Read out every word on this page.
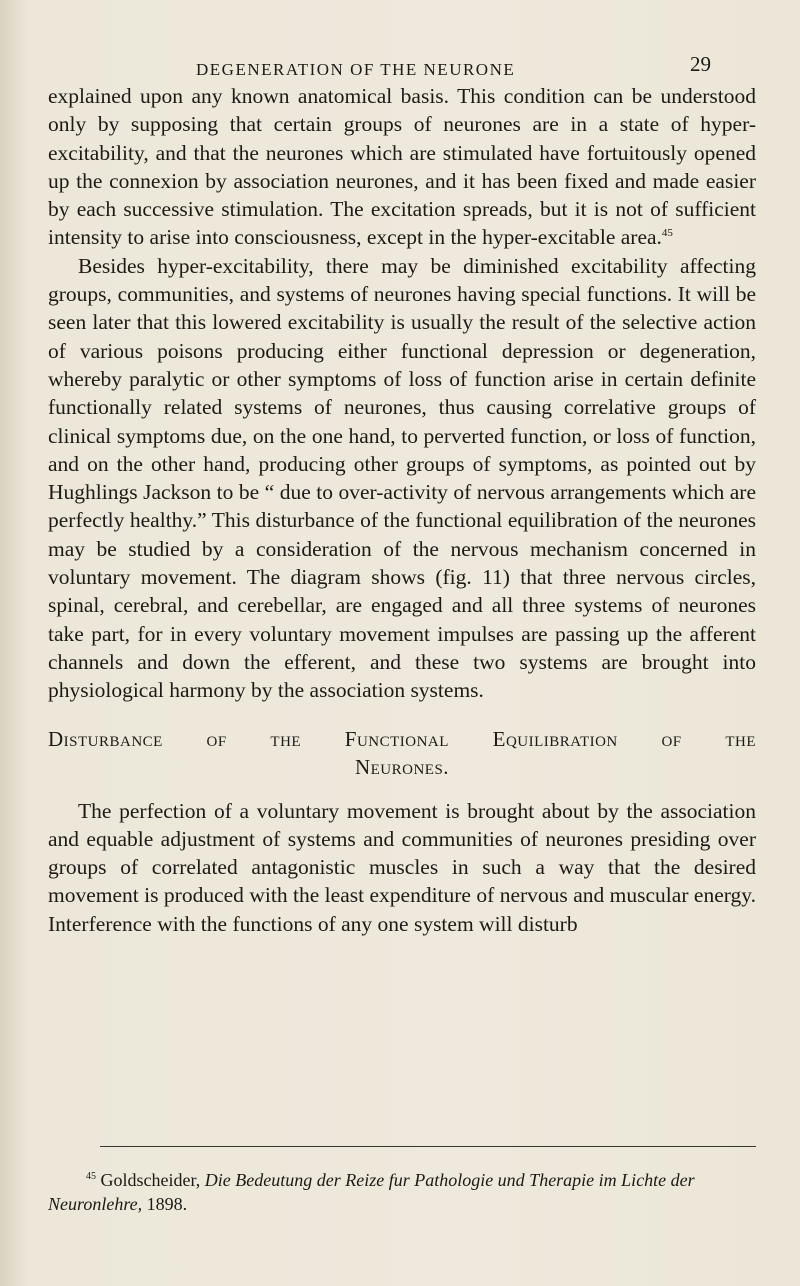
DEGENERATION OF THE NEURONE	29

explained upon any known anatomical basis. This condition can be understood only by supposing that certain groups of neurones are in a state of hyper-excitability, and that the neurones which are stimulated have fortuitously opened up the connexion by association neurones, and it has been fixed and made easier by each successive stimulation. The excitation spreads, but it is not of sufficient intensity to arise into consciousness, except in the hyper-excitable area.$^{45}$

Besides hyper-excitability, there may be diminished excitability affecting groups, communities, and systems of neurones having special functions. It will be seen later that this lowered excitability is usually the result of the selective action of various poisons producing either functional depression or degeneration, whereby paralytic or other symptoms of loss of function arise in certain definite functionally related systems of neurones, thus causing correlative groups of clinical symptoms due, on the one hand, to perverted function, or loss of function, and on the other hand, producing other groups of symptoms, as pointed out by Hughlings Jackson to be “ due to over-activity of nervous arrangements which are perfectly healthy.” This disturbance of the functional equilibration of the neurones may be studied by a consideration of the nervous mechanism concerned in voluntary movement. The diagram shows (fig. 11) that three nervous circles, spinal, cerebral, and cerebellar, are engaged and all three systems of neurones take part, for in every voluntary movement impulses are passing up the afferent channels and down the efferent, and these two systems are brought into physiological harmony by the association systems.

Disturbance of the Functional Equilibration of the
Neurones.

The perfection of a voluntary movement is brought about by the association and equable adjustment of systems and communities of neurones presiding over groups of correlated antagonistic muscles in such a way that the desired movement is produced with the least expenditure of nervous and muscular energy. Interference with the functions of any one system will disturb

$^{45}$ Goldscheider, Die Bedeutung der Reize fur Pathologie und Therapie im Lichte der Neuronlehre, 1898.
